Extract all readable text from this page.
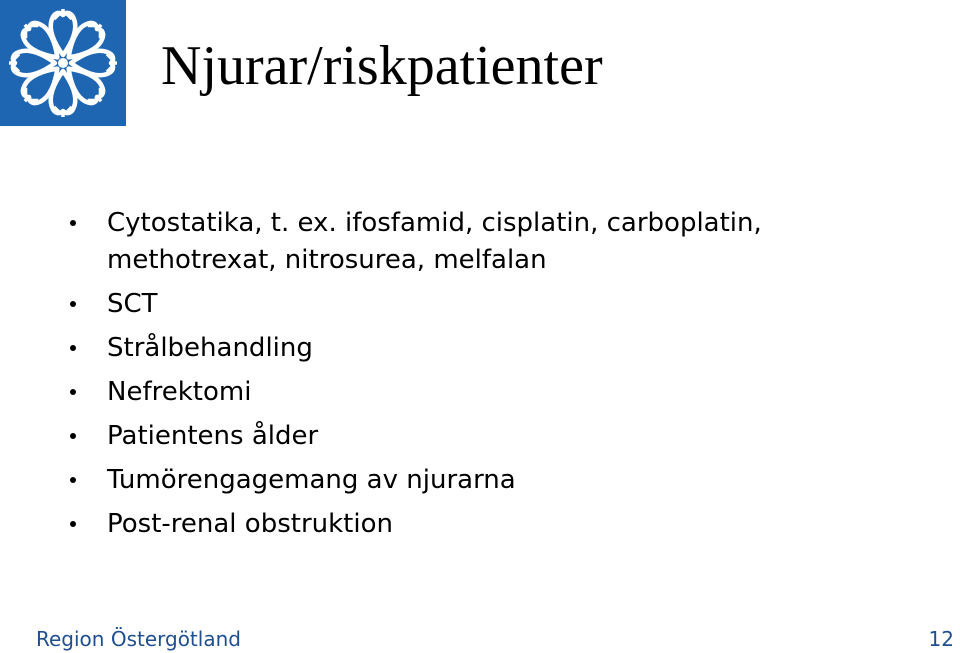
Njurar/riskpatienter
Cytostatika, t. ex. ifosfamid, cisplatin, carboplatin, methotrexat, nitrosurea, melfalan
SCT
Strålbehandling
Nefrektomi
Patientens ålder
Tumörengagemang av njurarna
Post-renal obstruktion
Region Östergötland	12
